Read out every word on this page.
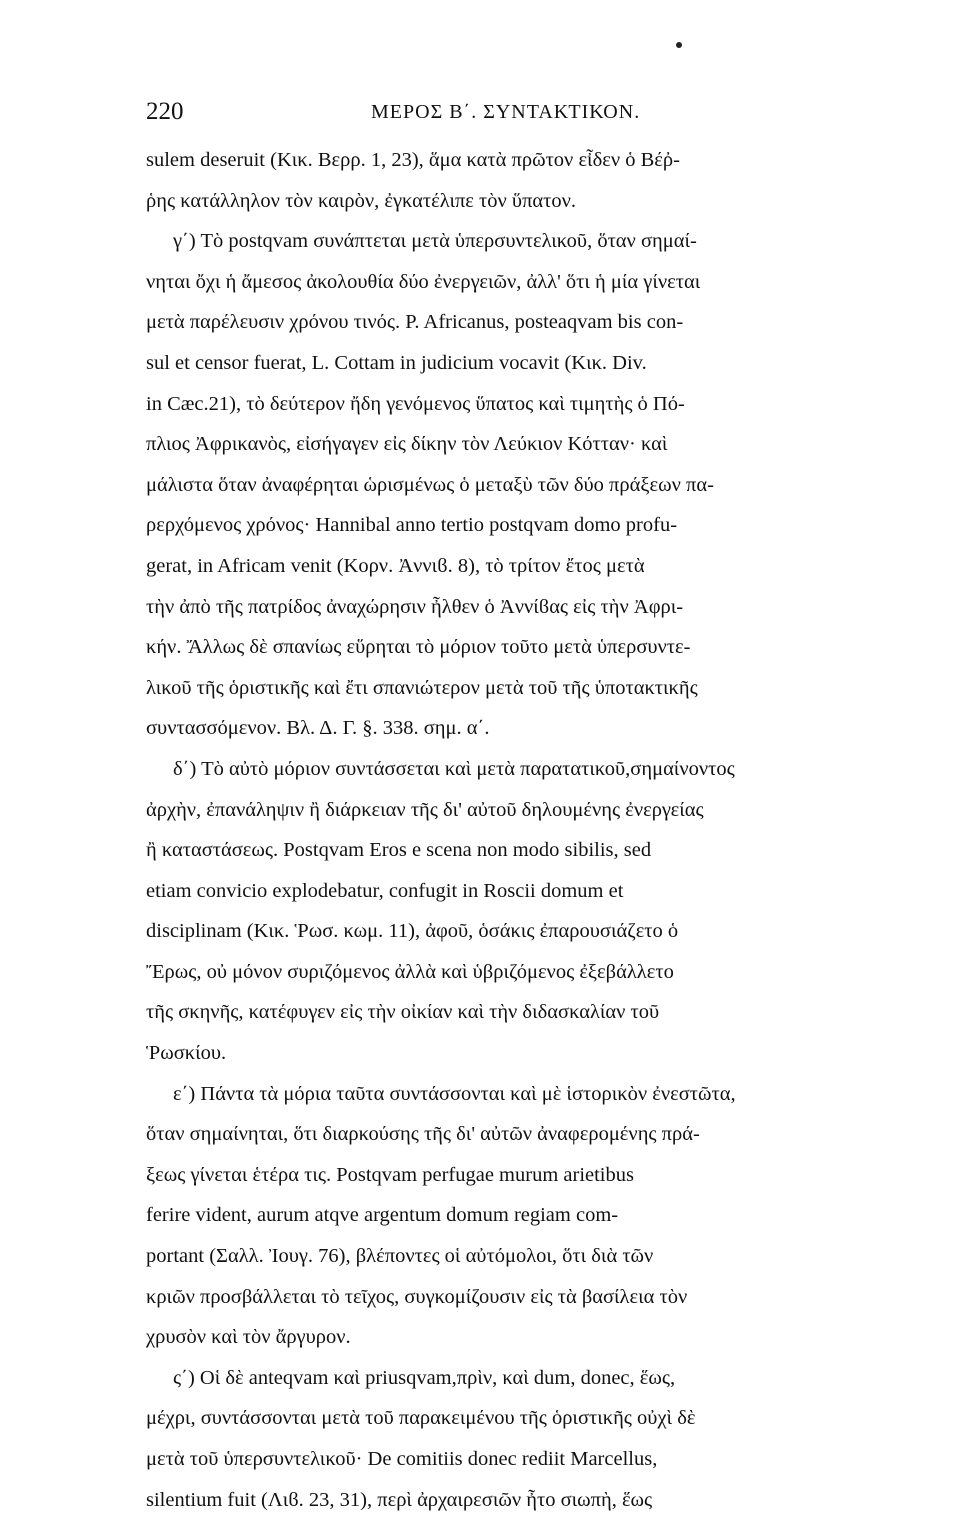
220	ΜΕΡΟΣ Β΄. ΣΥΝΤΑΚΤΙΚΟΝ.
sulem deseruit (Κικ. Βερρ. 1, 23), ἅμα κατὰ πρῶτον εἶδεν ὁ Βέῤ-
ῥης κατάλληλον τὸν καιρὸν, ἐγκατέλιπε τὸν ὕπατον.
γ΄) Τὸ postqvam συνάπτεται μετὰ ὑπερσυντελικοῦ, ὅταν σημαί-
νηται ὄχι ἡ ἄμεσος ἀκολουθία δύο ἐνεργειῶν, ἀλλ' ὅτι ἡ μία γίνεται
μετὰ παρέλευσιν χρόνου τινός. P. Africanus, posteaqvam bis con-
sul et censor fuerat, L. Cottam in judicium vocavit (Κικ. Div.
in Cæc.21), τὸ δεύτερον ἤδη γενόμενος ὕπατος καὶ τιμητὴς ὁ Πό-
πλιος Ἀφρικανὸς, εἰσήγαγεν εἰς δίκην τὸν Λεύκιον Κότταν· καὶ
μάλιστα ὅταν ἀναφέρηται ὡρισμένως ὁ μεταξὺ τῶν δύο πράξεων πα-
ρερχόμενος χρόνος· Hannibal anno tertio postqvam domo profu-
gerat, in Africam venit (Κορν. Ἀννιϐ. 8), τὸ τρίτον ἔτος μετὰ
τὴν ἀπὸ τῆς πατρίδος ἀναχώρησιν ἦλθεν ὁ Ἀννίϐας εἰς τὴν Ἀφρι-
κήν. Ἄλλως δὲ σπανίως εὕρηται τὸ μόριον τοῦτο μετὰ ὑπερσυντε-
λικοῦ τῆς ὁριστικῆς καὶ ἔτι σπανιώτερον μετὰ τοῦ τῆς ὑποτακτικῆς
συντασσόμενον. Βλ. Δ. Γ. §. 338. σημ. α΄.
δ΄) Τὸ αὐτὸ μόριον συντάσσεται καὶ μετὰ παρατατικοῦ,σημαίνοντος
ἀρχὴν, ἐπανάληψιν ἢ διάρκειαν τῆς δι' αὐτοῦ δηλουμένης ἐνεργείας
ἢ καταστάσεως. Postqvam Eros e scena non modo sibilis, sed
etiam convicio explodebatur, confugit in Roscii domum et
disciplinam (Κικ. Ῥωσ. κωμ. 11), ἀφοῦ, ὁσάκις ἐπαρουσιάζετο ὁ
Ἔρως, οὐ μόνον συριζόμενος ἀλλὰ καὶ ὑβριζόμενος ἐξεβάλλετο
τῆς σκηνῆς, κατέφυγεν εἰς τὴν οἰκίαν καὶ τὴν διδασκαλίαν τοῦ
Ῥωσκίου.
ε΄) Πάντα τὰ μόρια ταῦτα συντάσσονται καὶ μὲ ἱστορικὸν ἐνεστῶτα,
ὅταν σημαίνηται, ὅτι διαρκούσης τῆς δι' αὐτῶν ἀναφερομένης πρά-
ξεως γίνεται ἑτέρα τις. Postqvam perfugae murum arietibus
ferire vident, aurum atqve argentum domum regiam com-
portant (Σαλλ. Ἰουγ. 76), βλέποντες οἱ αὐτόμολοι, ὅτι διὰ τῶν
κριῶν προσβάλλεται τὸ τεῖχος, συγκομίζουσιν εἰς τὰ βασίλεια τὸν
χρυσὸν καὶ τὸν ἄργυρον.
ς΄) Οἱ δὲ antеqvam καὶ priusqvam,πρὶν, καὶ dum, donec, ἕως,
μέχρι, συντάσσονται μετὰ τοῦ παρακειμένου τῆς ὁριστικῆς οὐχὶ δὲ
μετὰ τοῦ ὑπερσυντελικοῦ· De comitiis donec rediit Marcellus,
silentium fuit (Λιϐ. 23, 31), περὶ ἀρχαιρεσιῶν ἦτο σιωπὴ, ἕως
